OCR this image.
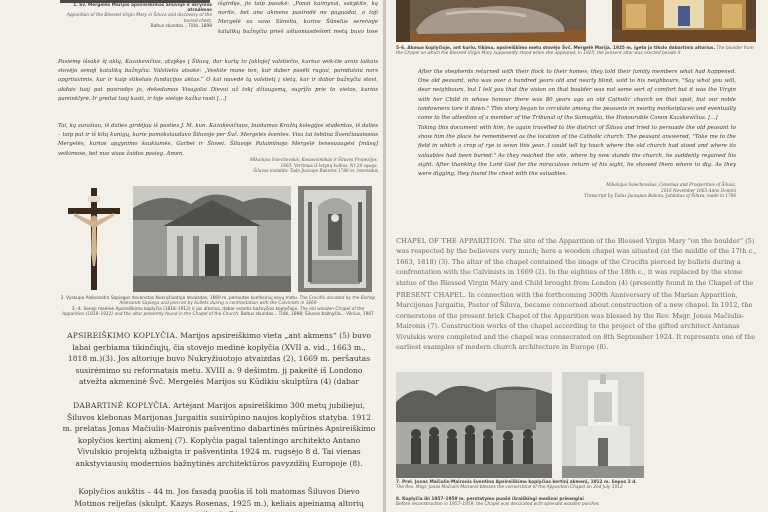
1. Šv. Mergelės Marijos apsireiškimas Šiluvoje ir skrynios atradimas
Apparition of the Blessed Virgin Mary in Šiluva and discovery of the buried chest.
Baltus skundas... Tilžė, 1898
išgirdęs, jis taip pasakė: „Ponai kaimynai, sakykite, ką norite, bet ana akmens pasirodė ne paguodai, o toji Mergelė su savo Sūneliu, kurios Šūnelus sereivoje katalikų bažnyčia prieš aštuoniasdešimt metų buvo tose
Pasiemę išsakė šį aktą, Kazakevičius, atvykęs į Šiluvą, dar kartą to [aklojo] valstiečio, kuriuo veik-tie arais laikais stovėjo senoji katalikų bažnyčia. Valstietis atsakė: „Veskite mane ten, kur daber pasėti rugiai, paroduisiu nors apgriiuvimis, kur ir kaip stikelais fundacijos aktas.“ O kai nuvedė tą valstietį į vietą, kur ir dabar bažnyčia stovi, akdais tuoj pat pasirodęs jo, dekedamas Visagalai Dievui už tokį džiaugsmą, sugrįžo prie to vietos, kurios paminklyrė. Ir greitai tuoj kasti, ir toje vietoje kažka rasti [...]
Tai, ką surašiau, iš dalies girdėjau iš pasties J. M. kun. Kazakevičiaus, buidamas Kražių kolegijos studentas, iš dalies – taip pat ir iš kitų kunigų, kurie pamokslaudavo Šiluvoje per Švč. Mergelės šventes. Visa tai tebūna Švenčiausiosios Mergelės, kurios apgynimo šaukiamės, Garbei ir Šlovei. Šiluvoje Palaiminojo Mergelė tenesuaugėsi [mūsų] veikimose, bet nuo visos žaidos pasieg. Amen.
Mikalojus Sviechovskis, Kosuwnimikas ir Šiluvos Propezijos,
1663. Vertimas iš lotynų kalbos. Nr 20 sąsaja.
Šiluvos inolatdo: Tado Juozapo Bukotos 1786 m. rosonsdas
2. Vyskupo Aleksandro Sapiegos dovanotas Nukryžiuotojo atvaizdas, 1669 m. perlautas konfesinių kovų metu. The Crucifix donated by the Bishop Aleksandr Sapiega and pierced by bullets during a confrontation with the Calvinists in 1669
3.–4. Senoji medinė Apsireiškimo koplyčia (1818–1912) ir jos altorius, dabar esantis bažnyčios koplyčioje. The old wooden Chapel of the Apparition (1818–1912) and the altar presently found in the Chapel of the Church. Baltus skundas... Tilžė, 1898; Šiluvos bažnyčia... Vilnius, 1907
APSIREIŠKIMO KOPLYČIA. Marijos apsireiškimo vieta „ant akmens“ (5) buvo labai gerbiama tikinčiųjų, čia stovėjo medinė koplyčia (XVII a. vid., 1663 m., 1818 m.)(3). Jos altoriuje buvo Nukryžiuotojo atvaizdas (2), 1669 m. peršautas susirėmimo su reformatais metu. XVIII a. 9 dešimtm. jį pakeitė iš Londono atvežta akmeninė Švč. Mergelės Marijos su Kūdikiu skulptūra (4) (dabar
DABARTINĖ KOPLYČIA. Artėjant Marijos apsireiškimo 300 metų jubiliejui, Šiluvos klebonas Marijonas Jurgaitis susirūpino naujos koplyčios statyba. 1912 m. prelatas Jonas Mačiulis-Maironis pašventino dabartinės mūrinės Apsireiškimo koplyčios kertinį akmenį (7). Koplyčia pagal talentingo architekto Antano Vivulskio projektą užbaigta ir pašventinta 1924 m. rugsėjo 8 d. Tai vienas ankstyviausių modernios bažnytinės architektūros pavyzdžių Europoje (8).
Koplyčios aukštis – 44 m. Jos fasadą puošia iš toli matomas Šiluvos Dievo Motinos reljefas (skulpt. Kazys Rosenas, 1925 m.), keliais apeinamą altorių
5–6. Akmuo koplyčioje, ant kurio, tikima, apsireiškimo metu stovėjo Švč. Mergelė Marija. 1925 m. įgeta jo tikslo dabartinis altorius. The boulder from the Chapel on which the Blessed Virgin Mary supposedly stood when she appeared. In 1925, the present altar was erected beside it
After the shepherds returned with their flock to their homes, they told their family members what had happened. One old peasant, who was over a hundred years old and nearly blind, said to his neighbours, "Say what you will, dear neighbours, but I tell you that the vision on that boulder was not some sort of comfort but it was the Virgin with her Child in whose honour there was 80 years ago an old Catholic church on that spot, but our noble landowners tore it down." This story began to circulate among the peasants in nearby marketplaces and eventually came to the attention of a member of the Tribunal of the Samogitia, the Honourable Canon Kazakevičius. [...]
Taking this document with him, he again travelled to the district of Šiluva and tried to persuade the old peasant to show him the place he remembered as the location of the Catholic church. The peasant answered, "Take me to the field in which a crop of rye is sown this year. I could tell by touch where the old church had stood and where its valuables had been buried." As they reached the site, where by now stands the church, he suddenly regained his sight. After thanking the Lord God for the miraculous return of his sight, he showed them where to dig. As they were digging, they found the chest with the valuables.
Mikalojus Sviechovskas, Cenemas and Prosperities of Šiluva,
2016 November 1663 Anno Domini
Transcript by Tadas Juozapas Bukota, Jubilatus of Šiluva, made in 1786
CHAPEL OF THE APPARITION. The site of the Apparition of the Blessed Virgin Mary "on the boulder" (5) was respected by the believers very much; here a wooden chapel was situated (at the middle of the 17th c., 1663, 1818) (3). The altar of the chapel contained the image of the Crucifix pierced by bullets during a confrontation with the Calvinists in 1669 (2). In the eighties of the 18th c., it was replaced by the stone statue of the Blessed Virgin Mary and Child brought from London (4) (presently found in the Chapel of the
PRESENT CHAPEL. In connection with the forthcoming 300th Anniversary of the Marian Apparition, Marcijonas Jurgaitis, Pastor of Šiluva, became concerned about construction of a new chapel. In 1912, the cornerstone of the present brick Chapel of the Apparition was blessed by the Rev. Msgr. Jonas Mačiulis-Maironis (7). Construction works of the chapel according to the project of the gifted architect Antanas Vivulskis were completed and the chapel was consecrated on 8th September 1924. It represents one of the earliest examples of modern church architecture in Europe (8).
7. Prel. Jonas Mačiulis-Maironis šventina Apsireiškimo koplyčios kertinį akmenį, 1912 m. liepos 2 d.
The Rev. Msgr. Jonas Mačiulis-Maironis blesses the cornerstone of the Apparition Chapel on 2nd July 1912
8. Koplyčia iki 1957–1959 m. perstatymo puošė išraiškingi medinai prieangiai
Before reconstruction in 1957–1959, the Chapel was decorated with splendid wooden porches
